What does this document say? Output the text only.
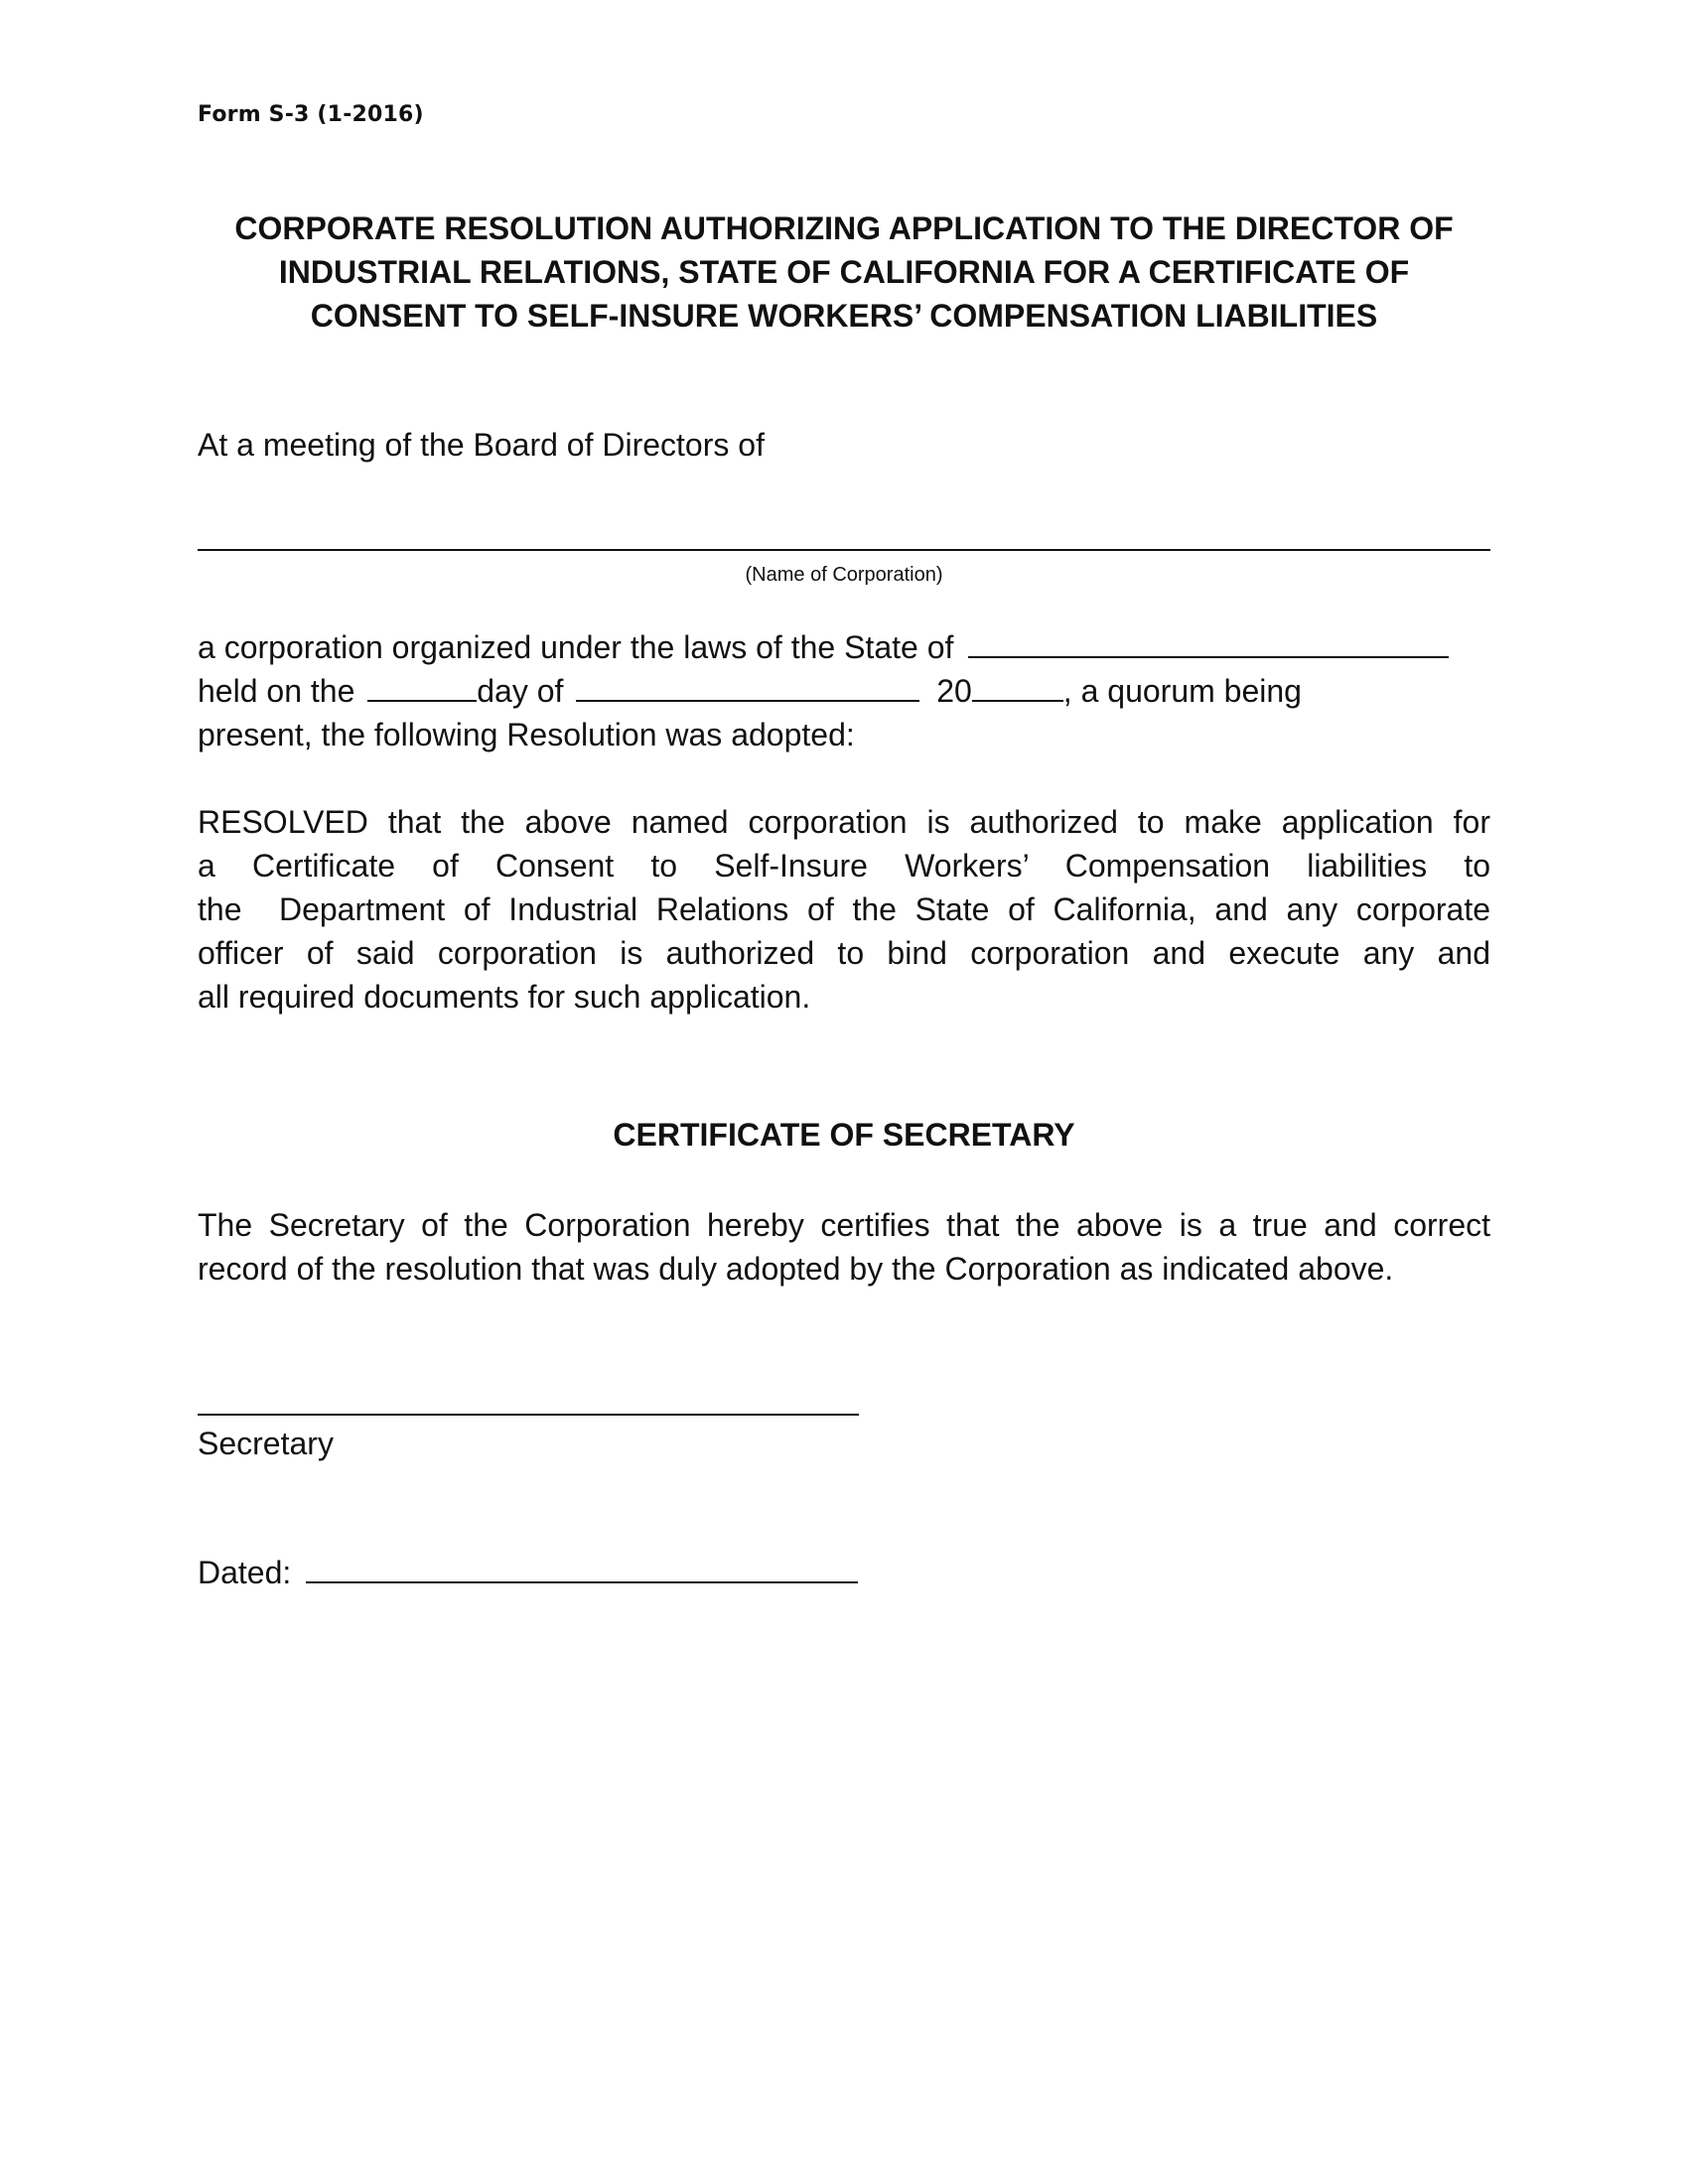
Form S-3 (1-2016)
CORPORATE RESOLUTION AUTHORIZING APPLICATION TO THE DIRECTOR OF
INDUSTRIAL RELATIONS, STATE OF CALIFORNIA FOR A CERTIFICATE OF
CONSENT TO SELF-INSURE WORKERS’ COMPENSATION LIABILITIES
At a meeting of the Board of Directors of
(Name of Corporation)
a corporation organized under the laws of the State of
held on the	day of	20	, a quorum being
present, the following Resolution was adopted:
RESOLVED that the above named corporation is authorized to make application for
a Certificate of Consent to Self-Insure Workers’ Compensation liabilities to
the  Department of Industrial Relations of the State of California, and any corporate
officer of said corporation is authorized to bind corporation and execute any and
all required documents for such application.
CERTIFICATE OF SECRETARY
The Secretary of the Corporation hereby certifies that the above is a true and correct
record of the resolution that was duly adopted by the Corporation as indicated above.
Secretary
Dated:
